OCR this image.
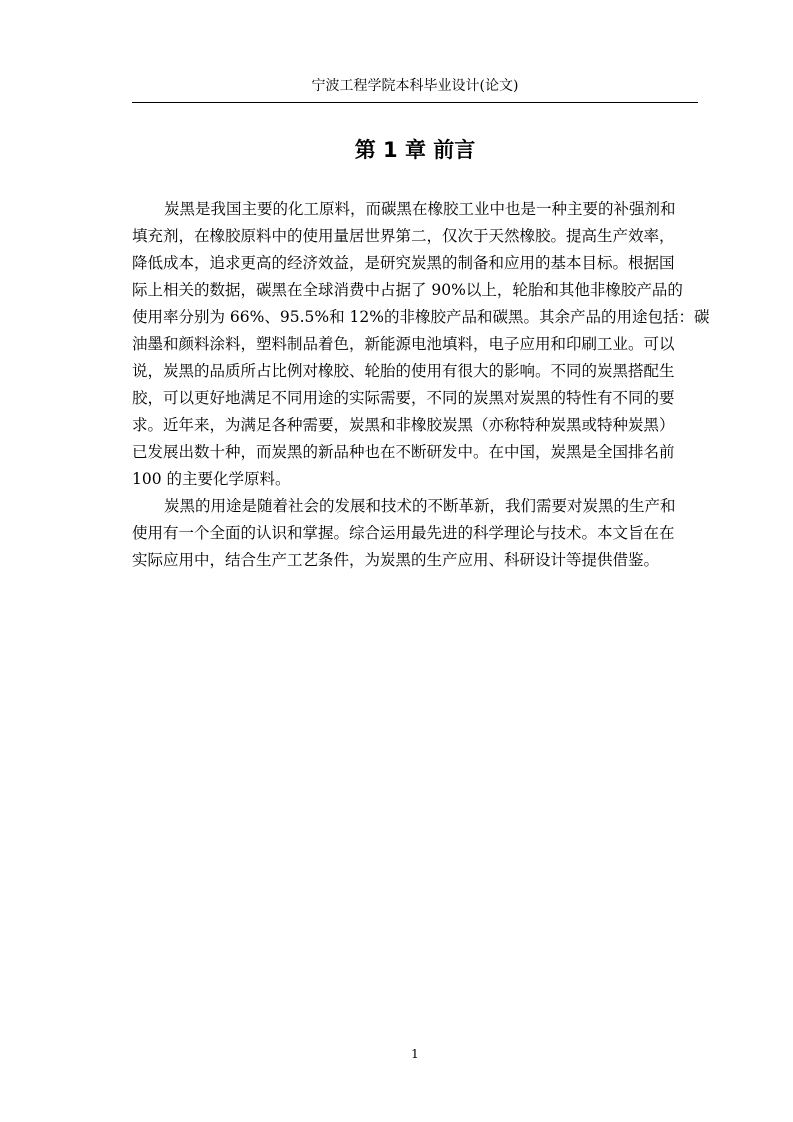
宁波工程学院本科毕业设计(论文)
第 1 章 前言
炭黑是我国主要的化工原料，而碳黑在橡胶工业中也是一种主要的补强剂和
填充剂，在橡胶原料中的使用量居世界第二，仅次于天然橡胶。提高生产效率，
降低成本，追求更高的经济效益，是研究炭黑的制备和应用的基本目标。根据国
际上相关的数据，碳黑在全球消费中占据了 90%以上，轮胎和其他非橡胶产品的
使用率分别为 66%、95.5%和 12%的非橡胶产品和碳黑。其余产品的用途包括：碳
油墨和颜料涂料，塑料制品着色，新能源电池填料，电子应用和印刷工业。可以
说，炭黑的品质所占比例对橡胶、轮胎的使用有很大的影响。不同的炭黑搭配生
胶，可以更好地满足不同用途的实际需要，不同的炭黑对炭黑的特性有不同的要
求。近年来，为满足各种需要，炭黑和非橡胶炭黑（亦称特种炭黑或特种炭黑）
已发展出数十种，而炭黑的新品种也在不断研发中。在中国，炭黑是全国排名前
100 的主要化学原料。
炭黑的用途是随着社会的发展和技术的不断革新，我们需要对炭黑的生产和
使用有一个全面的认识和掌握。综合运用最先进的科学理论与技术。本文旨在在
实际应用中，结合生产工艺条件，为炭黑的生产应用、科研设计等提供借鉴。
1
